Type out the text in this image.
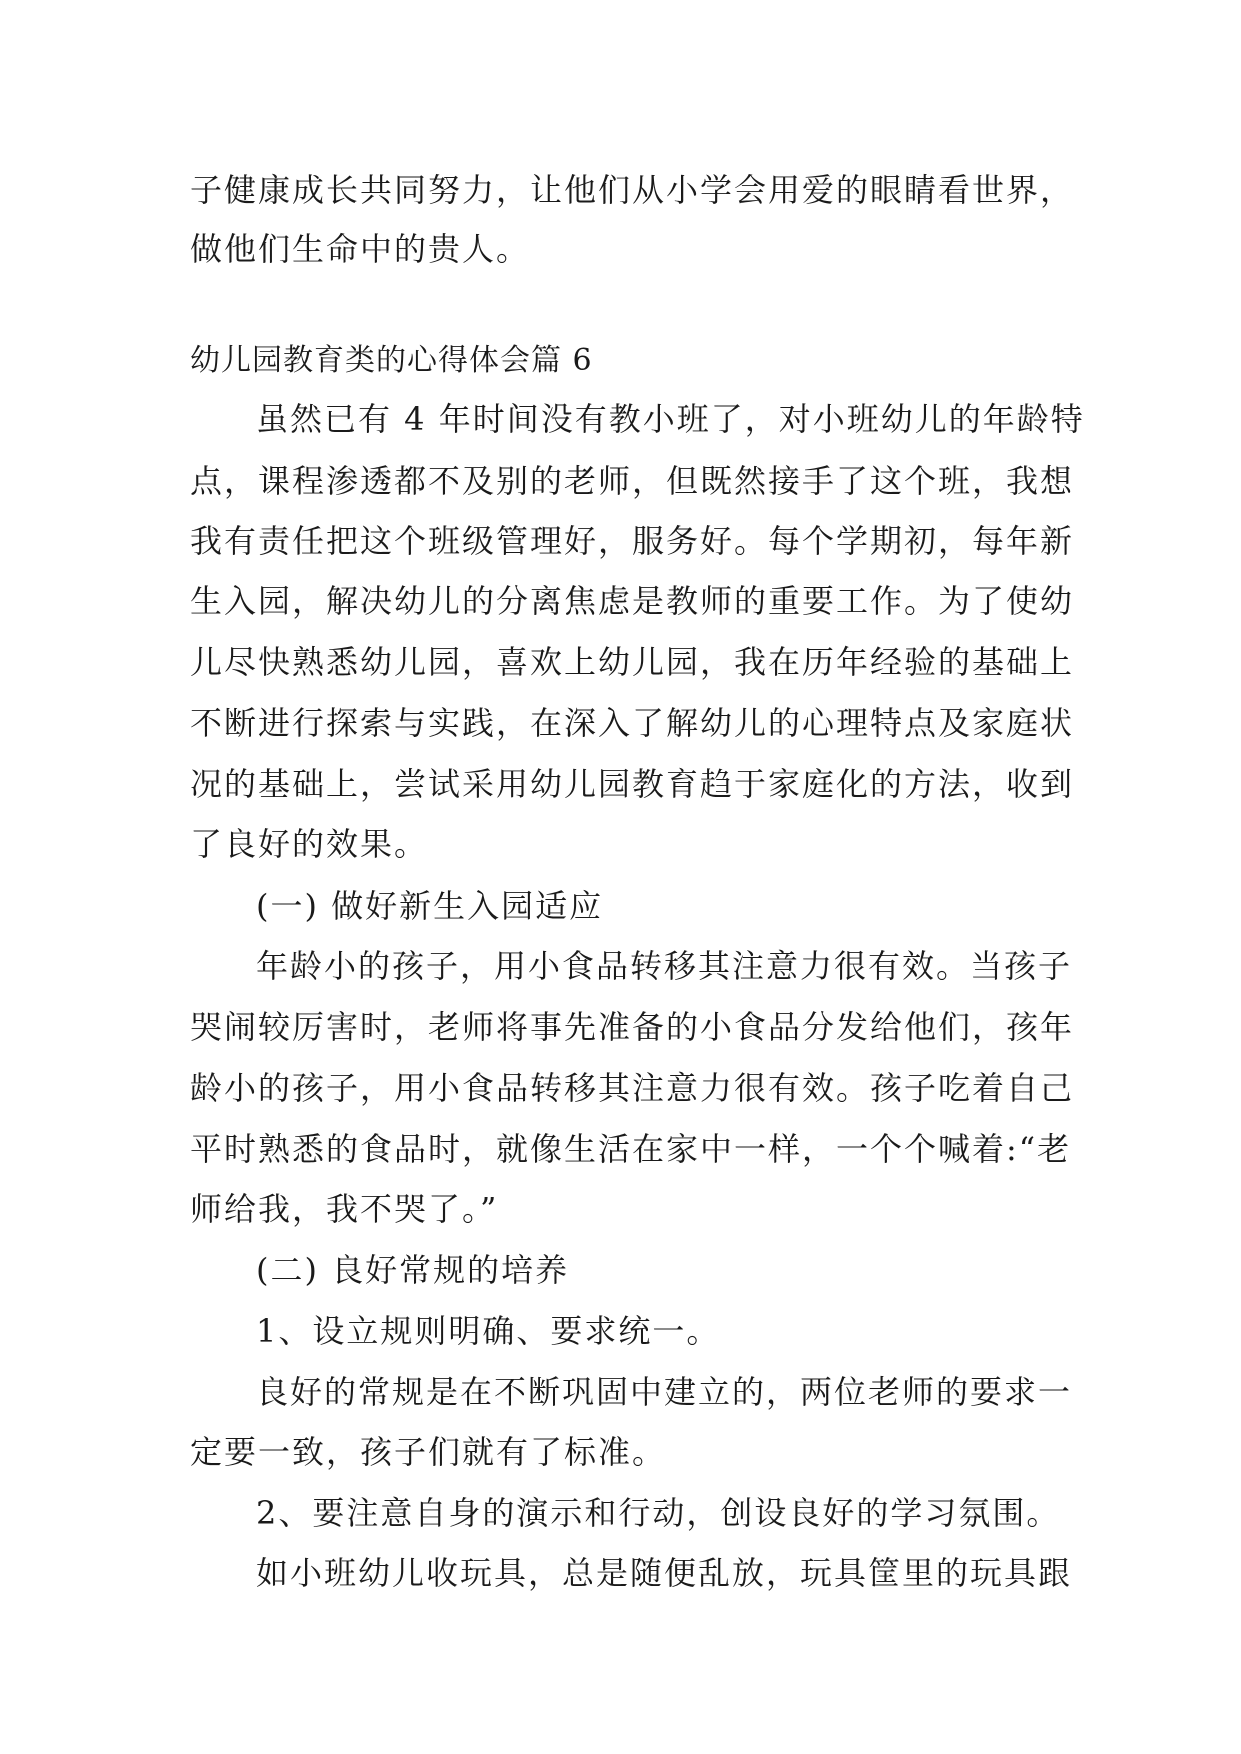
子健康成长共同努力，让他们从小学会用爱的眼睛看世界，
做他们生命中的贵人。
幼儿园教育类的心得体会篇 6
虽然已有 4 年时间没有教小班了，对小班幼儿的年龄特
点，课程渗透都不及别的老师，但既然接手了这个班，我想
我有责任把这个班级管理好，服务好。每个学期初，每年新
生入园，解决幼儿的分离焦虑是教师的重要工作。为了使幼
儿尽快熟悉幼儿园，喜欢上幼儿园，我在历年经验的基础上
不断进行探索与实践，在深入了解幼儿的心理特点及家庭状
况的基础上，尝试采用幼儿园教育趋于家庭化的方法，收到
了良好的效果。
(一) 做好新生入园适应
年龄小的孩子，用小食品转移其注意力很有效。当孩子
哭闹较厉害时，老师将事先准备的小食品分发给他们，孩年
龄小的孩子，用小食品转移其注意力很有效。孩子吃着自己
平时熟悉的食品时，就像生活在家中一样，一个个喊着:“老
师给我，我不哭了。”
(二) 良好常规的培养
1、设立规则明确、要求统一。
良好的常规是在不断巩固中建立的，两位老师的要求一
定要一致，孩子们就有了标准。
2、要注意自身的演示和行动，创设良好的学习氛围。
如小班幼儿收玩具，总是随便乱放，玩具筐里的玩具跟
